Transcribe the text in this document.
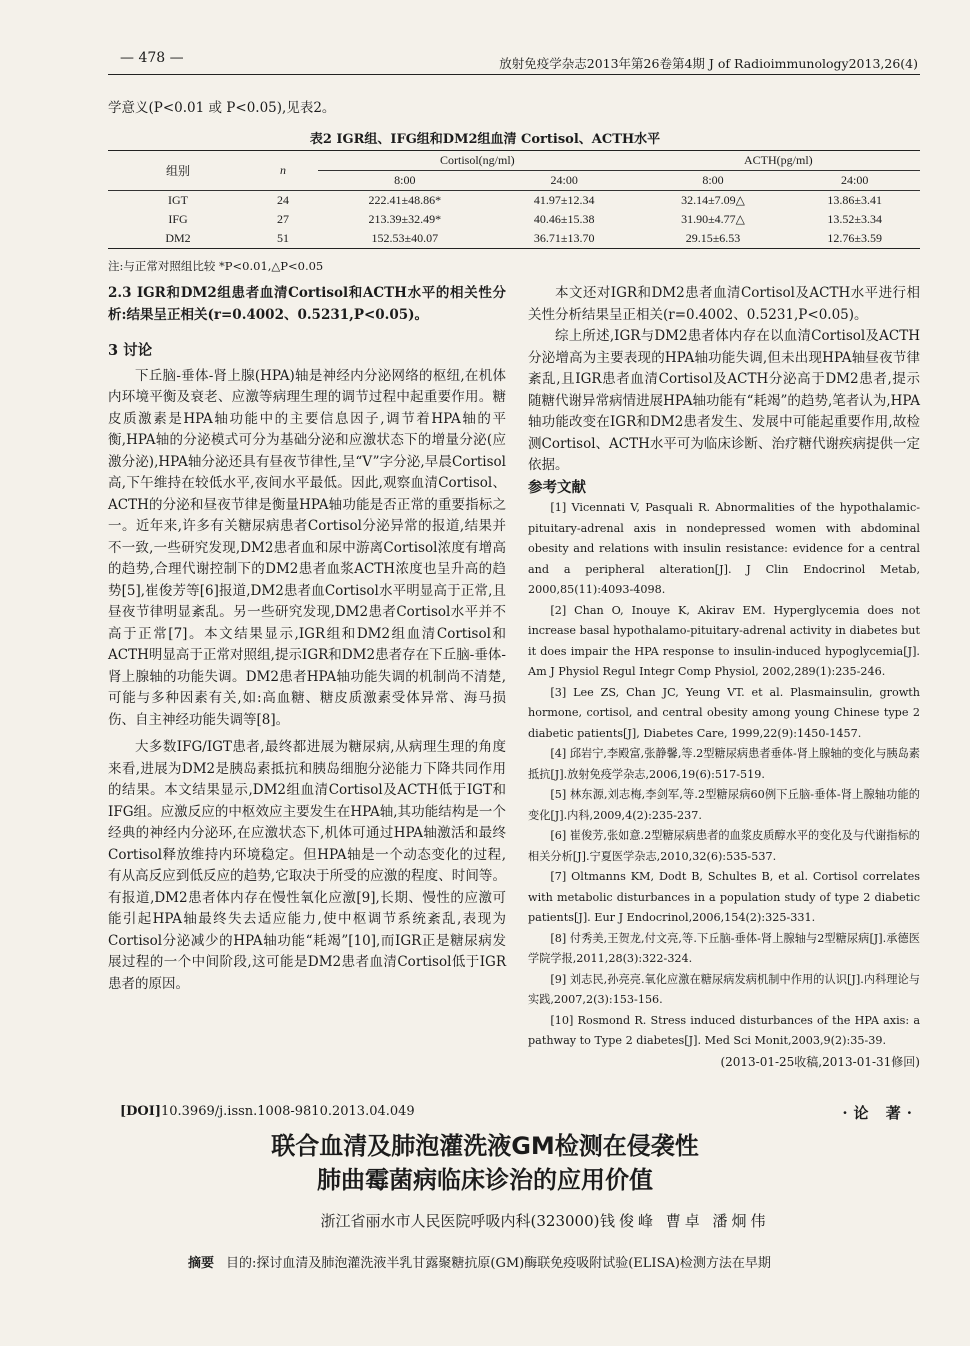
— 478 —	放射免疫学杂志2013年第26卷第4期 J of Radioimmunology2013,26(4)
学意义(P<0.01 或 P<0.05),见表2。
表2 IGR组、IFG组和DM2组血清 Cortisol、ACTH水平
组别	n	Cortisol(ng/ml)		ACTH(pg/ml)	
		8:00	24:00	8:00	24:00
IGT	24	222.41±48.86*	41.97±12.34	32.14±7.09△	13.86±3.41
IFG	27	213.39±32.49*	40.46±15.38	31.90±4.77△	13.52±3.34
DM2	51	152.53±40.07	36.71±13.70	29.15±6.53	12.76±3.59
注:与正常对照组比较 *P<0.01,△P<0.05

2.3 IGR和DM2组患者血清Cortisol和ACTH水平的相关性分析:结果呈正相关(r=0.4002、0.5231,P<0.05)。

3 讨论

下丘脑-垂体-肾上腺(HPA)轴是神经内分泌网络的枢纽,在机体内环境平衡及衰老、应激等病理生理的调节过程中起重要作用。糖皮质激素是HPA轴功能中的主要信息因子,调节着HPA轴的平衡,HPA轴的分泌模式可分为基础分泌和应激状态下的增量分泌(应激分泌),HPA轴分泌还具有昼夜节律性,呈“V”字分泌,早晨Cortisol高,下午维持在较低水平,夜间水平最低。因此,观察血清Cortisol、ACTH的分泌和昼夜节律是衡量HPA轴功能是否正常的重要指标之一。近年来,许多有关糖尿病患者Cortisol分泌异常的报道,结果并不一致,一些研究发现,DM2患者血和尿中游离Cortisol浓度有增高的趋势,合理代谢控制下的DM2患者血浆ACTH浓度也呈升高的趋势[5],崔俊芳等[6]报道,DM2患者血Cortisol水平明显高于正常,且昼夜节律明显紊乱。另一些研究发现,DM2患者Cortisol水平并不高于正常[7]。本文结果显示,IGR组和DM2组血清Cortisol和ACTH明显高于正常对照组,提示IGR和DM2患者存在下丘脑-垂体-肾上腺轴的功能失调。DM2患者HPA轴功能失调的机制尚不清楚,可能与多种因素有关,如:高血糖、糖皮质激素受体异常、海马损伤、自主神经功能失调等[8]。

大多数IFG/IGT患者,最终都进展为糖尿病,从病理生理的角度来看,进展为DM2是胰岛素抵抗和胰岛细胞分泌能力下降共同作用的结果。本文结果显示,DM2组血清Cortisol及ACTH低于IGT和IFG组。应激反应的中枢效应主要发生在HPA轴,其功能结构是一个经典的神经内分泌环,在应激状态下,机体可通过HPA轴激活和最终Cortisol释放维持内环境稳定。但HPA轴是一个动态变化的过程,有从高反应到低反应的趋势,它取决于所受的应激的程度、时间等。有报道,DM2患者体内存在慢性氧化应激[9],长期、慢性的应激可能引起HPA轴最终失去适应能力,使中枢调节系统紊乱,表现为Cortisol分泌减少的HPA轴功能“耗竭”[10],而IGR正是糖尿病发展过程的一个中间阶段,这可能是DM2患者血清Cortisol低于IGR患者的原因。

本文还对IGR和DM2患者血清Cortisol及ACTH水平进行相关性分析结果呈正相关(r=0.4002、0.5231,P<0.05)。

综上所述,IGR与DM2患者体内存在以血清Cortisol及ACTH分泌增高为主要表现的HPA轴功能失调,但未出现HPA轴昼夜节律紊乱,且IGR患者血清Cortisol及ACTH分泌高于DM2患者,提示随糖代谢异常病情进展HPA轴功能有“耗竭”的趋势,笔者认为,HPA轴功能改变在IGR和DM2患者发生、发展中可能起重要作用,故检测Cortisol、ACTH水平可为临床诊断、治疗糖代谢疾病提供一定依据。

参考文献

[1] Vicennati V, Pasquali R. Abnormalities of the hypothalamic-pituitary-adrenal axis in nondepressed women with abdominal obesity and relations with insulin resistance: evidence for a central and a peripheral alteration[J]. J Clin Endocrinol Metab, 2000,85(11):4093-4098.

[2] Chan O, Inouye K, Akirav EM. Hyperglycemia does not increase basal hypothalamo-pituitary-adrenal activity in diabetes but it does impair the HPA response to insulin-induced hypoglycemia[J]. Am J Physiol Regul Integr Comp Physiol, 2002,289(1):235-246.

[3] Lee ZS, Chan JC, Yeung VT. et al. Plasmainsulin, growth hormone, cortisol, and central obesity among young Chinese type 2 diabetic patients[J], Diabetes Care, 1999,22(9):1450-1457.

[4] 邱岩宁,李殿富,张静馨,等.2型糖尿病患者垂体-肾上腺轴的变化与胰岛素抵抗[J].放射免疫学杂志,2006,19(6):517-519.

[5] 林东源,刘志梅,李剑军,等.2型糖尿病60例下丘脑-垂体-肾上腺轴功能的变化[J].内科,2009,4(2):235-237.

[6] 崔俊芳,张如意.2型糖尿病患者的血浆皮质醇水平的变化及与代谢指标的相关分析[J].宁夏医学杂志,2010,32(6):535-537.

[7] Oltmanns KM, Dodt B, Schultes B, et al. Cortisol correlates with metabolic disturbances in a population study of type 2 diabetic patients[J]. Eur J Endocrinol,2006,154(2):325-331.

[8] 付秀美,王贺龙,付文亮,等.下丘脑-垂体-肾上腺轴与2型糖尿病[J].承德医学院学报,2011,28(3):322-324.

[9] 刘志民,孙亮亮.氧化应激在糖尿病发病机制中作用的认识[J].内科理论与实践,2007,2(3):153-156.

[10] Rosmond R. Stress induced disturbances of the HPA axis: a pathway to Type 2 diabetes[J]. Med Sci Monit,2003,9(2):35-39.

(2013-01-25收稿,2013-01-31修回)
[DOI]10.3969/j.issn.1008-9810.2013.04.049	·论 著·
联合血清及肺泡灌洗液GM检测在侵袭性
肺曲霉菌病临床诊治的应用价值
浙江省丽水市人民医院呼吸内科(323000) 钱俊峰 曹卓 潘炯伟
摘要 目的:探讨血清及肺泡灌洗液半乳甘露聚糖抗原(GM)酶联免疫吸附试验(ELISA)检测方法在早期
